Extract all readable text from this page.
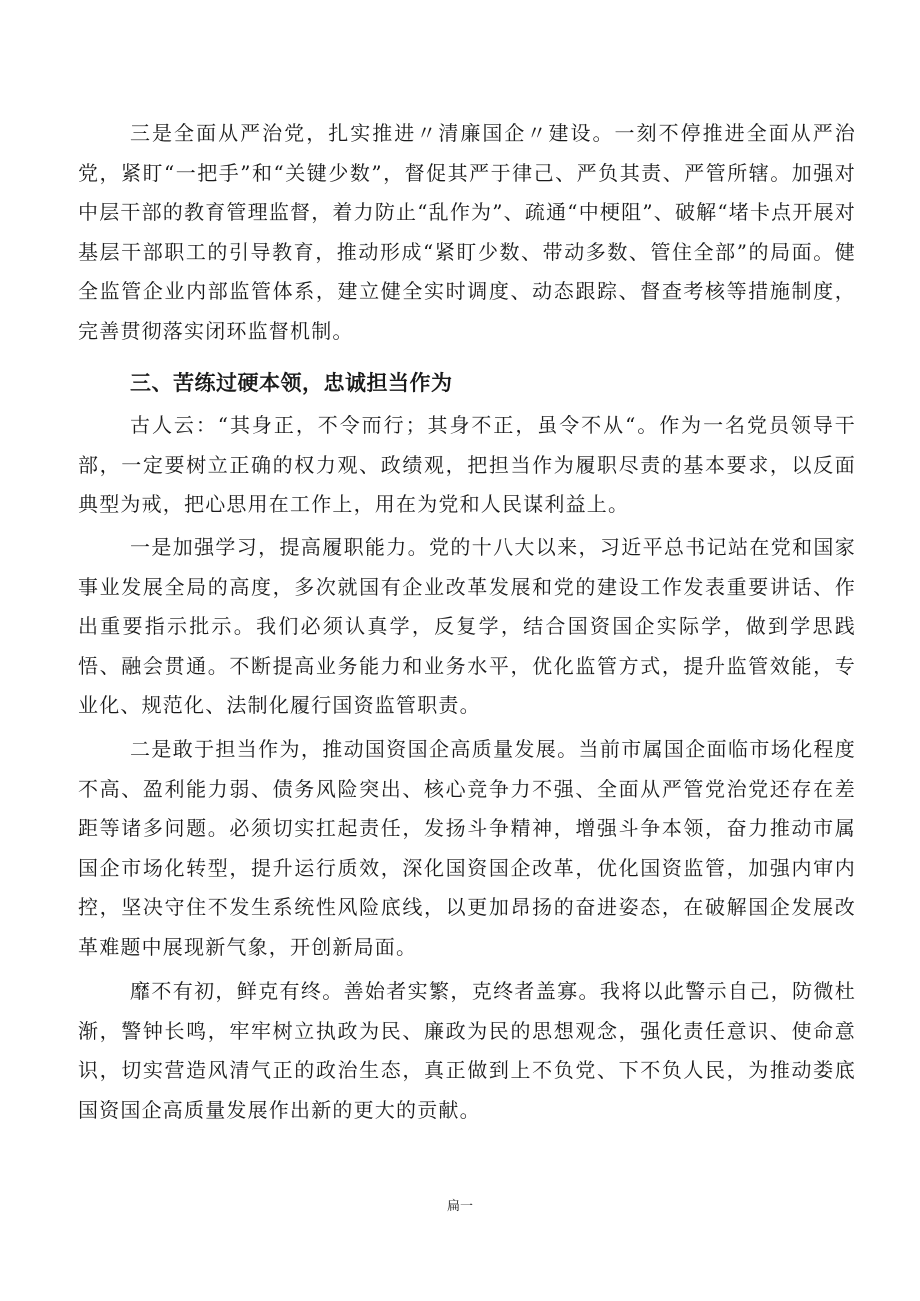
三是全面从严治党，扎实推进〃清廉国企〃建设。一刻不停推进全面从严治党，紧盯“一把手”和“关键少数”，督促其严于律己、严负其责、严管所辖。加强对中层干部的教育管理监督，着力防止“乱作为”、疏通“中梗阻”、破解“堵卡点开展对基层干部职工的引导教育，推动形成“紧盯少数、带动多数、管住全部”的局面。健全监管企业内部监管体系，建立健全实时调度、动态跟踪、督查考核等措施制度，完善贯彻落实闭环监督机制。

三、苦练过硬本领，忠诚担当作为

古人云：“其身正，不令而行；其身不正，虽令不从“。作为一名党员领导干部，一定要树立正确的权力观、政绩观，把担当作为履职尽责的基本要求，以反面典型为戒，把心思用在工作上，用在为党和人民谋利益上。

一是加强学习，提高履职能力。党的十八大以来，习近平总书记站在党和国家事业发展全局的高度，多次就国有企业改革发展和党的建设工作发表重要讲话、作出重要指示批示。我们必须认真学，反复学，结合国资国企实际学，做到学思践悟、融会贯通。不断提高业务能力和业务水平，优化监管方式，提升监管效能，专业化、规范化、法制化履行国资监管职责。

二是敢于担当作为，推动国资国企高质量发展。当前市属国企面临市场化程度不高、盈利能力弱、债务风险突出、核心竞争力不强、全面从严管党治党还存在差距等诸多问题。必须切实扛起责任，发扬斗争精神，增强斗争本领，奋力推动市属国企市场化转型，提升运行质效，深化国资国企改革，优化国资监管，加强内审内控，坚决守住不发生系统性风险底线，以更加昂扬的奋进姿态，在破解国企发展改革难题中展现新气象，开创新局面。

靡不有初，鲜克有终。善始者实繁，克终者盖寡。我将以此警示自己，防微杜渐，警钟长鸣，牢牢树立执政为民、廉政为民的思想观念，强化责任意识、使命意识，切实营造风清气正的政治生态，真正做到上不负党、下不负人民，为推动娄底国资国企高质量发展作出新的更大的贡献。

扁一
